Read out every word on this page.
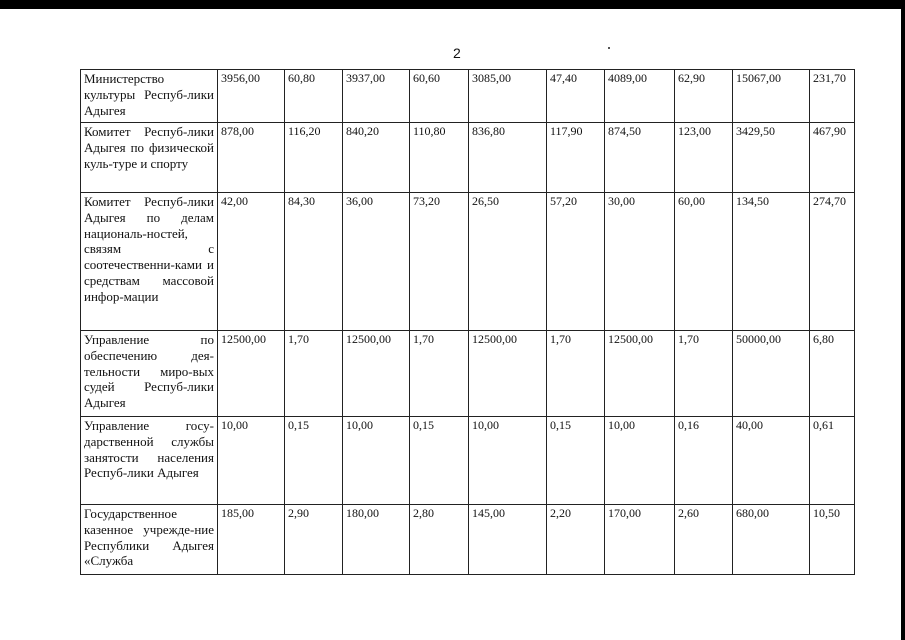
2
Министерство культуры Респуб-лики Адыгея	3956,00	60,80	3937,00	60,60	3085,00	47,40	4089,00	62,90	15067,00	231,70
Комитет Респуб-лики Адыгея по физической куль-туре и спорту	878,00	116,20	840,20	110,80	836,80	117,90	874,50	123,00	3429,50	467,90
Комитет Респуб-лики Адыгея по делам националь-ностей, связям с соотечественни-ками и средствам массовой инфор-мации	42,00	84,30	36,00	73,20	26,50	57,20	30,00	60,00	134,50	274,70
Управление по обеспечению дея-тельности миро-вых судей Респуб-лики Адыгея	12500,00	1,70	12500,00	1,70	12500,00	1,70	12500,00	1,70	50000,00	6,80
Управление госу-дарственной службы занятости населения Респуб-лики Адыгея	10,00	0,15	10,00	0,15	10,00	0,15	10,00	0,16	40,00	0,61
Государственное казенное учрежде-ние Республики Адыгея «Служба	185,00	2,90	180,00	2,80	145,00	2,20	170,00	2,60	680,00	10,50
